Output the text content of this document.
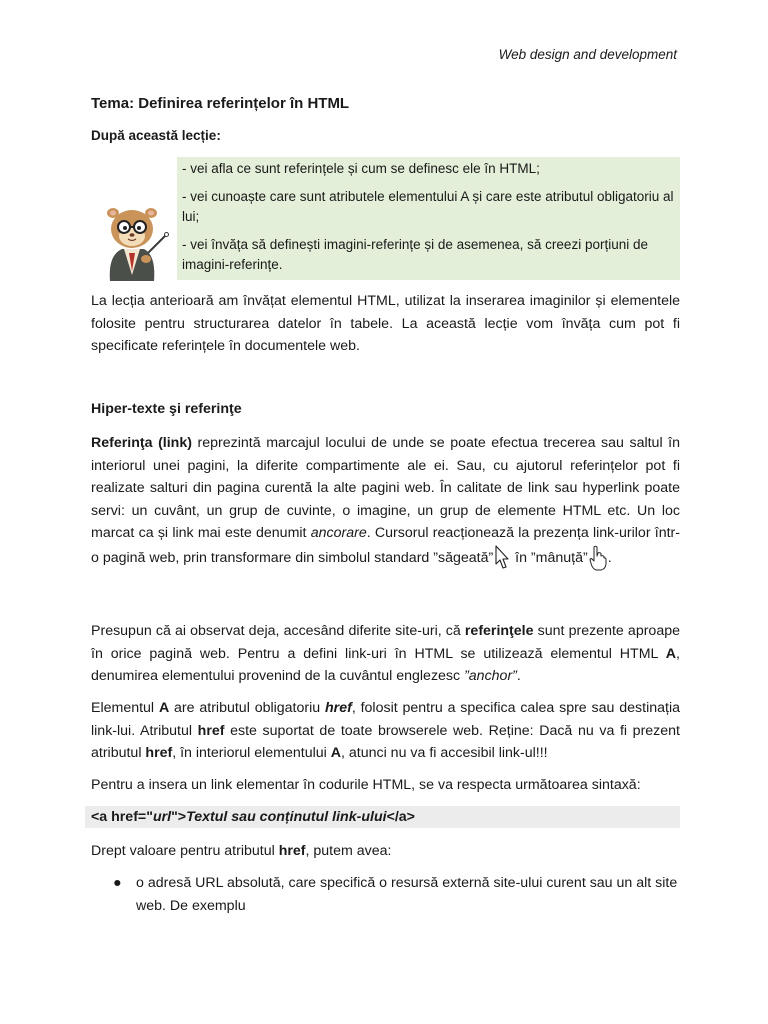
Web design and development
Tema: Definirea referințelor în HTML
După această lecție:

- vei afla ce sunt referințele și cum se definesc ele în HTML;

- vei cunoaște care sunt atributele elementului A și care este atributul obligatoriu al lui;

- vei învăța să definești imagini-referințe și de asemenea, să creezi porțiuni de imagini-referințe.

La lecția anterioară am învățat elementul HTML, utilizat la inserarea imaginilor și elementele folosite pentru structurarea datelor în tabele. La această lecție vom învăța cum pot fi specificate referințele în documentele web.

Hiper-texte şi referinţe

Referinţa (link) reprezintă marcajul locului de unde se poate efectua trecerea sau saltul în interiorul unei pagini, la diferite compartimente ale ei. Sau, cu ajutorul referințelor pot fi realizate salturi din pagina curentă la alte pagini web. În calitate de link sau hyperlink poate servi: un cuvânt, un grup de cuvinte, o imagine, un grup de elemente HTML etc. Un loc marcat ca și link mai este denumit ancorare. Cursorul reacționează la prezența link-urilor într-o pagină web, prin transformare din simbolul standard ”săgeată” în ”mânuță” .

Presupun că ai observat deja, accesând diferite site-uri, că referinţele sunt prezente aproape în orice pagină web. Pentru a defini link-uri în HTML se utilizează elementul HTML A, denumirea elementului provenind de la cuvântul englezesc ”anchor”.

Elementul A are atributul obligatoriu href, folosit pentru a specifica calea spre sau destinația link-lui. Atributul href este suportat de toate browserele web. Reține: Dacă nu va fi prezent atributul href, în interiorul elementului A, atunci nu va fi accesibil link-ul!!!

Pentru a insera un link elementar în codurile HTML, se va respecta următoarea sintaxă:

<a href="url">Textul sau conținutul link-ului</a>

Drept valoare pentru atributul href, putem avea:

● o adresă URL absolută, care specifică o resursă externă site-ului curent sau un alt site web. De exemplu
